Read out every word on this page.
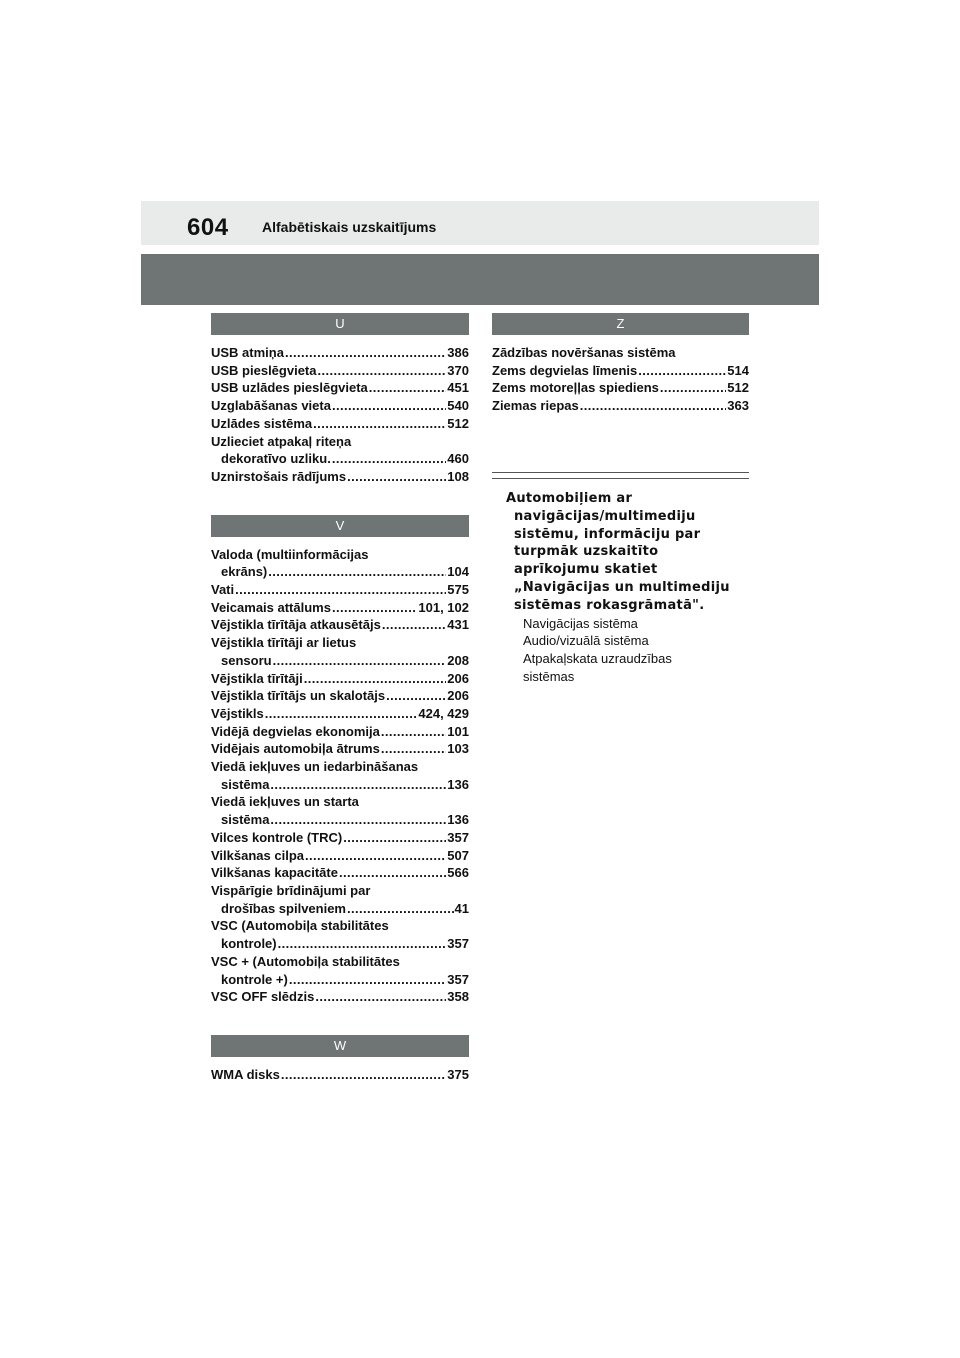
604 Alfabētiskais uzskaitījums
U
USB atmiņa .....	386
USB pieslēgvieta .....	370
USB uzlādes pieslēgvieta .....	451
Uzglabāšanas vieta .....	540
Uzlādes sistēma .....	512
Uzlieciet atpakaļ riteņa
dekoratīvo uzliku. .....	460
Uznirstošais rādījums .....	108
V
Valoda (multiinformācijas
ekrāns) .....	104
Vati .....	575
Veicamais attālums .....	101, 102
Vējstikla tīrītāja atkausētājs .....	431
Vējstikla tīrītāji ar lietus
sensoru .....	208
Vējstikla tīrītāji .....	206
Vējstikla tīrītājs un skalotājs .....	206
Vējstikls .....	424, 429
Vidējā degvielas ekonomija .....	101
Vidējais automobiļa ātrums .....	103
Viedā iekļuves un iedarbināšanas
sistēma .....	136
Viedā iekļuves un starta
sistēma .....	136
Vilces kontrole (TRC) .....	357
Vilkšanas cilpa .....	507
Vilkšanas kapacitāte .....	566
Vispārīgie brīdinājumi par
drošības spilveniem .....	41
VSC (Automobiļa stabilitātes
kontrole) .....	357
VSC + (Automobiļa stabilitātes
kontrole +) .....	357
VSC OFF slēdzis .....	358
W
WMA disks .....	375
Z
Zādzības novēršanas sistēma
Zems degvielas līmenis .....	514
Zems motoreļļas spiediens .....	512
Ziemas riepas .....	363
Automobiļiem ar
navigācijas/multimediju
sistēmu, informāciju par
turpmāk uzskaitīto
aprīkojumu skatiet
„Navigācijas un multimediju
sistēmas rokasgrāmatā".
Navigācijas sistēma
Audio/vizuālā sistēma
Atpakaļskata uzraudzības
sistēmas
